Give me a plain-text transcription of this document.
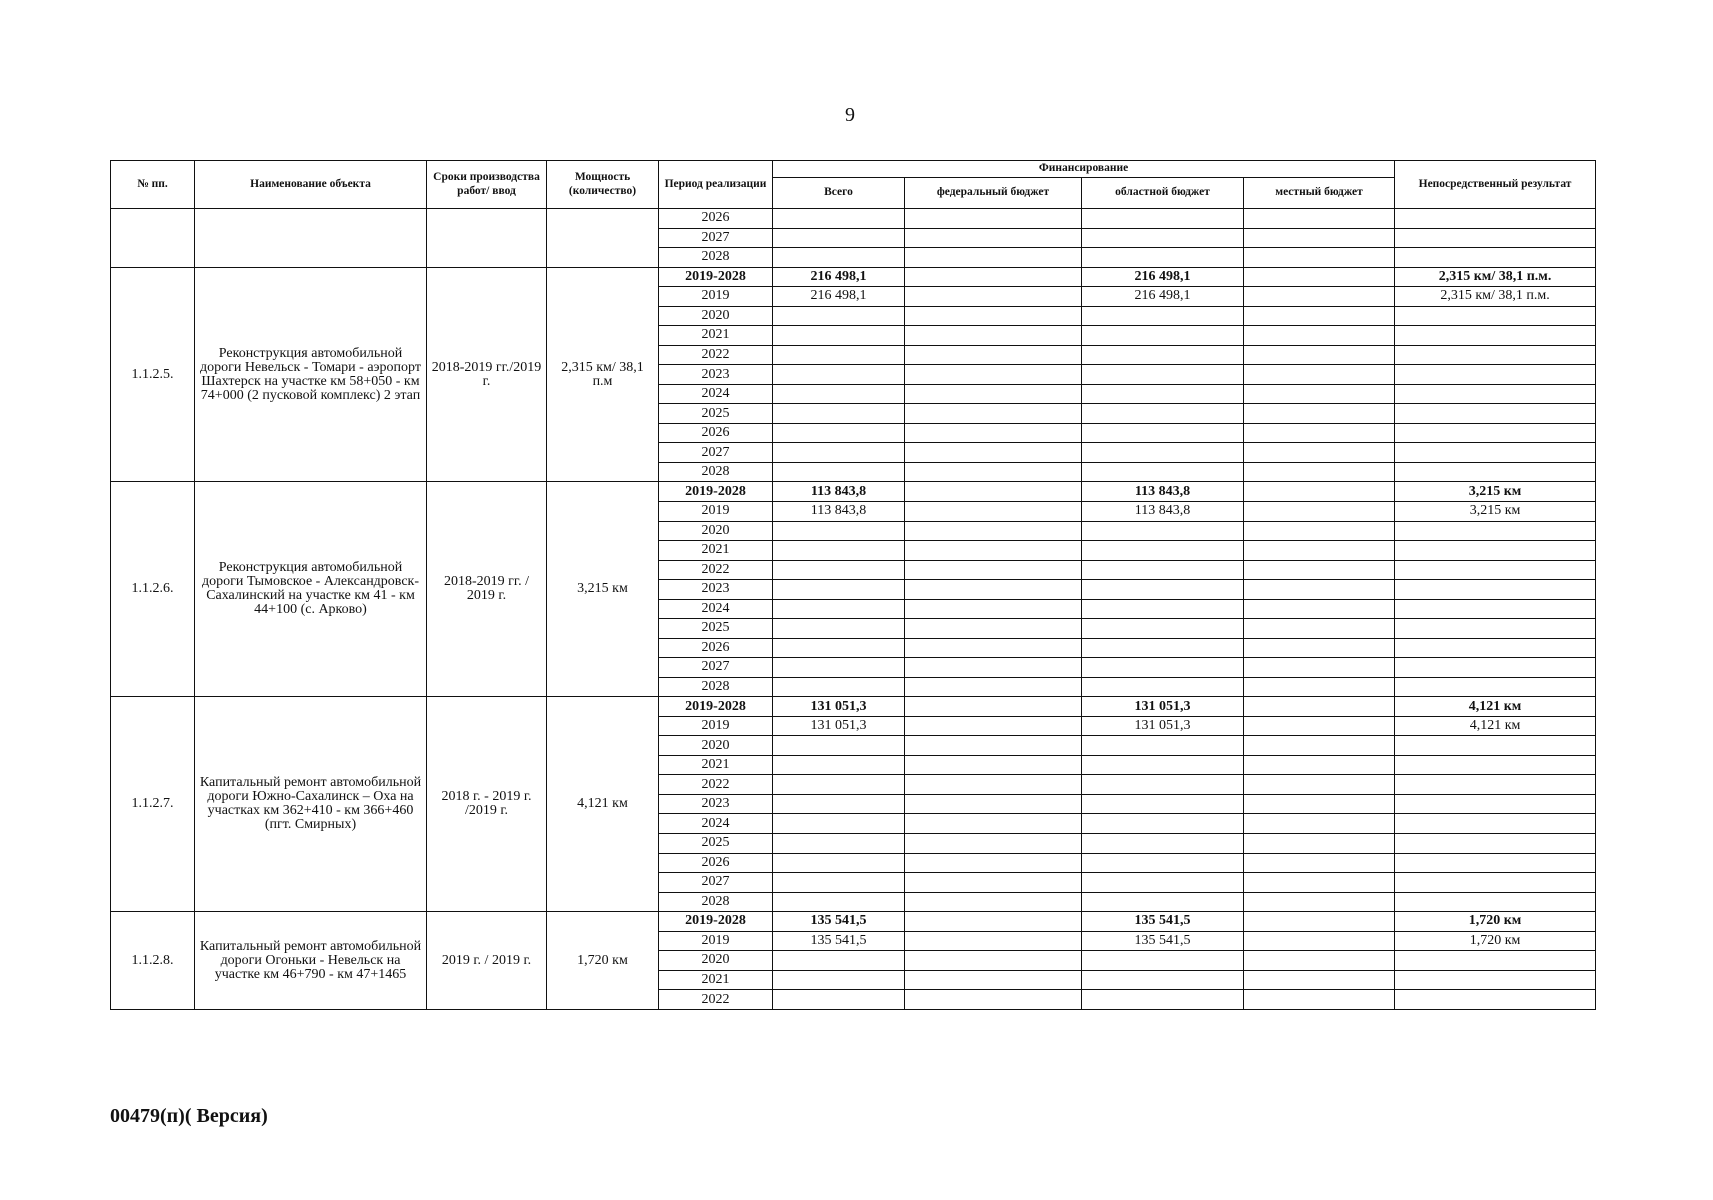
9
№ пп.	Наименование объекта	Сроки производства работ/ ввод	Мощность (количество)	Период реализации	Финансирование				Непосредственный результат
					Всего	федеральный бюджет	областной бюджет	местный бюджет	
				2026					
				2027					
				2028					
1.1.2.5.	Реконструкция автомобильной дороги Невельск - Томари - аэропорт Шахтерск на участке км 58+050 - км 74+000 (2 пусковой комплекс) 2 этап	2018-2019 гг./2019 г.	2,315 км/ 38,1 п.м	2019-2028	216 498,1		216 498,1		2,315 км/ 38,1 п.м.
				2019	216 498,1		216 498,1		2,315 км/ 38,1 п.м.
				2020					
				2021					
				2022					
				2023					
				2024					
				2025					
				2026					
				2027					
				2028					
1.1.2.6.	Реконструкция автомобильной дороги Тымовское - Александровск-Сахалинский на участке км 41 - км 44+100 (с. Арково)	2018-2019 гг. / 2019 г.	3,215 км	2019-2028	113 843,8		113 843,8		3,215 км
				2019	113 843,8		113 843,8		3,215 км
				2020					
				2021					
				2022					
				2023					
				2024					
				2025					
				2026					
				2027					
				2028					
1.1.2.7.	Капитальный ремонт автомобильной дороги Южно-Сахалинск – Оха на участках км 362+410 - км 366+460 (пгт. Смирных)	2018 г. - 2019 г. /2019 г.	4,121 км	2019-2028	131 051,3		131 051,3		4,121 км
				2019	131 051,3		131 051,3		4,121 км
				2020					
				2021					
				2022					
				2023					
				2024					
				2025					
				2026					
				2027					
				2028					
1.1.2.8.	Капитальный ремонт автомобильной дороги Огоньки - Невельск на участке км 46+790 - км 47+1465	2019 г. / 2019 г.	1,720 км	2019-2028	135 541,5		135 541,5		1,720 км
				2019	135 541,5		135 541,5		1,720 км
				2020					
				2021					
				2022					
00479(п)( Версия)
